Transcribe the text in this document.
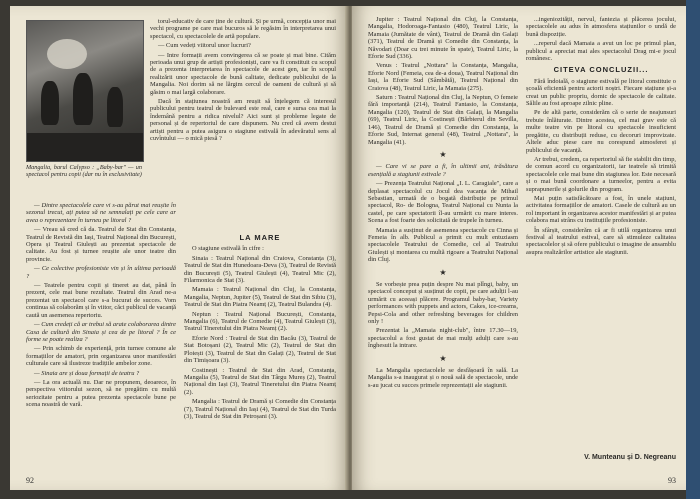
Mangalia, barul Calypso : „Baby-bar" — un spectacol pentru copii (dar nu în exclusivitate)

torul-educativ de care ține de cultură. Și pe urmă, concepția unor mai vechi programe pe care mai bucuros să le regăsim în interpretarea unui spectacol, cu spectacolele de artă populare.

— Cum vedeți viitorul unor lucruri?

— Intre formații avem convingerea că se poate și mai bine. Cităm perioada unui grup de artiști profesioniști, care va fi constituit cu scopul de a prezenta interpretarea în spectacole de acest gen, iar în scopul realizării unor spectacole de bună calitate, dedicate publicului de la Mangalia. Noi dorim să ne lărgim cercul de oameni de cultură și să găsim o mai largă colaborare.

Dacă în stațiunea noastră am reușit să înțelegem că interesul publicului pentru teatrul de bulevard este real, care e sursa cea mai la îndemână pentru a ridica nivelul? Aici sunt și probleme legate de personal și de repertoriul de care dispunem. Nu cred că avem destui artiști pentru a putea asigura o stagiune estivală în adevăratul sens al cuvîntului — o mică piesă ?

— Dintre spectacolele care vi s-au părut mai reușite în sezonul trecut, ați putea să ne semnalați pe cele care ar avea o reprezentare în turneu pe litoral ?

— Vreau să cred că da. Teatrul de Stat din Constanța, Teatrul de Revistă din Iași, Teatrul Național din București, Opera și Teatrul Giulești au prezentat spectacole de calitate. Au fost și turnee reușite ale unor teatre din provincie.

— Ce colective profesioniste vin și în ultima perioadă ?

— Teatrele pentru copii și tineret au dat, până în prezent, cele mai bune rezultate. Teatrul din Arad ne-a prezentat un spectacol care s-a bucurat de succes. Vom continua să colaborăm și în viitor, căci publicul de vacanță caută un asemenea repertoriu.

— Cum credeți că ar trebui să arate colaborarea dintre Casa de cultură din Sinaia și cea de pe litoral ? În ce forme se poate realiza ?

— Prin schimb de experiență, prin turnee comune ale formațiilor de amatori, prin organizarea unor manifestări culturale care să ilustreze tradițiile ambelor zone.

— Sinaia are și doua formații de teatru ?

— La ora actuală nu. Dar ne propunem, deoarece, în perspectiva viitorului sezon, să ne pregătim cu multă seriozitate pentru a putea prezenta spectacole bune pe scena noastră de vară.

LA MARE

O stagiune estivală în cifre :

Sinaia : Teatrul Național din Craiova, Constanța (3), Teatrul de Stat din Hunedoara-Deva (3), Teatrul de Revistă din București (5), Teatrul Giulești (4), Teatrul Mic (2), Filarmonica de Stat (3).

Mamaia : Teatrul Național din Cluj, la Constanța, Mangalia, Neptun, Jupiter (5), Teatrul de Stat din Sibiu (3), Teatrul de Stat din Piatra Neamț (2), Teatrul Bulandra (4).

Neptun : Teatrul Național București, Constanța, Mangalia (6), Teatrul de Comedie (4), Teatrul Giulești (3), Teatrul Tineretului din Piatra Neamț (2).

Eforie Nord : Teatrul de Stat din Bacău (3), Teatrul de Stat Botoșani (2), Teatrul Mic (2), Teatrul de Stat din Ploiești (3), Teatrul de Stat din Galați (2), Teatrul de Stat din Timișoara (3).

Costinești : Teatrul de Stat din Arad, Constanța, Mangalia (5), Teatrul de Stat din Târgu Mureș (2), Teatrul Național din Iași (3), Teatrul Tineretului din Piatra Neamț (2).

Mangalia : Teatrul de Dramă și Comedie din Constanța (7), Teatrul Național din Iași (4), Teatrul de Stat din Turda (3), Teatrul de Stat din Petroșani (3).

92

Jupiter : Teatrul Național din Cluj, la Constanța, Mangalia, Hodoroaga-Fantasio (480), Teatrul Liric, la Mamaia (Jumătate de vânt), Teatrul de Dramă din Galați (371), Teatrul de Dramă și Comedie din Constanța, la Năvodari (Doar cu trei minute în spate), Teatrul Liric, la Eforie Sud (336).

Venus : Teatrul „Nottara" la Constanța, Mangalia, Eforie Nord (Femeia, cea de-a doua), Teatrul Național din Iași, la Eforie Sud (Sâmbătă), Teatrul Național din Craiova (48), Teatrul Liric, la Mamaia (275).

Saturn : Teatrul Național din Cluj, la Neptun, O femeie fără importanță (214), Teatrul Fantasio, la Constanța, Mangalia (120), Teatrul de Stat din Galați, la Mangalia (69), Teatrul Liric, la Costinești (Bărbierul din Sevilla, 146), Teatrul de Dramă și Comedie din Constanța, la Eforie Sud, Internat general (48), Teatrul „Nottara", la Mangalia (41).

★

— Care vi se pare a fi, în ultimii ani, trăsătura esențială a stagiunii estivale ?

— Prezența Teatrului Național „I. L. Caragiale", care a deplasat spectacolul cu Jocul dea vacanța de Mihail Sebastian, urmată de o bogată distribuție pe primul spectacol, Ro- de Bologna, Teatrul Național cu Nunta la castel, pe care spectatorii îl-au urmărit cu mare interes. Scena a fost foarte des solicitată de trupele în turneu.

Mamaia a susținut de asemenea spectacole cu Cinna și Femeia în alb. Publicul a primit cu mult entuziasm spectacolele Teatrului de Comedie, cel al Teatrului Giulești și montarea cu multă rigoare a Teatrului Național din Cluj.

★

Se vorbește prea puțin despre Nu mai plîngi, baby, un spectacol conceput și susținut de copii, pe care adulții l-au urmărit cu aceeași plăcere. Programul baby-bar, Variety performances with puppets and actors, Cakes, ice-creams, Pepsi-Cola and other refreshing beverages for children only !

Prezentat la „Mamaia night-club", între 17.30—19, spectacolul a fost gustat de mai mulți adulți care s-au înghesuit la intrare.

★

La Mangalia spectacolele se desfășoară în sală. La Mangalia s-a inaugurat și o nouă sală de spectacole, unde s-au jucat cu succes primele reprezentații ale stagiunii.

...ingeniozității, nervul, fantezia și plăcerea jocului, spectacolele au adus în atmosfera stațiunilor o undă de bună dispoziție.

...reperul dacă Mamaia a avut un loc pe primul plan, publicul a apreciat mai ales spectacolul Drag mi-e jocul românesc.

CITEVA CONCLUZII...

Fără îndoială, o stagiune estivală pe litoral constituie o școală eficientă pentru actorii noștri. Fiecare stațiune și-a creat un public propriu, dornic de spectacole de calitate. Sălile au fost aproape zilnic pline.

Pe de altă parte, considerăm că o serie de neajunsuri trebuie înlăturate. Dintre acestea, cel mai grav este că multe teatre vin pe litoral cu spectacole insuficient pregătite, cu distribuții reduse, cu decoruri improvizate. Altele aduc piese care nu corespund atmosferei și publicului de vacanță.

Ar trebui, credem, ca repertoriul să fie stabilit din timp, de comun acord cu organizatorii, iar teatrele să trimită spectacolele cele mai bune din stagiunea lor. Este necesară și o mai bună coordonare a turneelor, pentru a evita suprapunerile și golurile din program.

Mai puțin satisfăcătoare a fost, în unele stațiuni, activitatea formațiilor de amatori. Casele de cultură au un rol important în organizarea acestor manifestări și ar putea colabora mai strâns cu instituțiile profesioniste.

În sfârșit, considerăm că ar fi utilă organizarea unui festival al teatrului estival, care să stimuleze calitatea spectacolelor și să ofere publicului o imagine de ansamblu asupra realizărilor artistice ale stagiunii.

V. Munteanu și D. Negreanu
93
